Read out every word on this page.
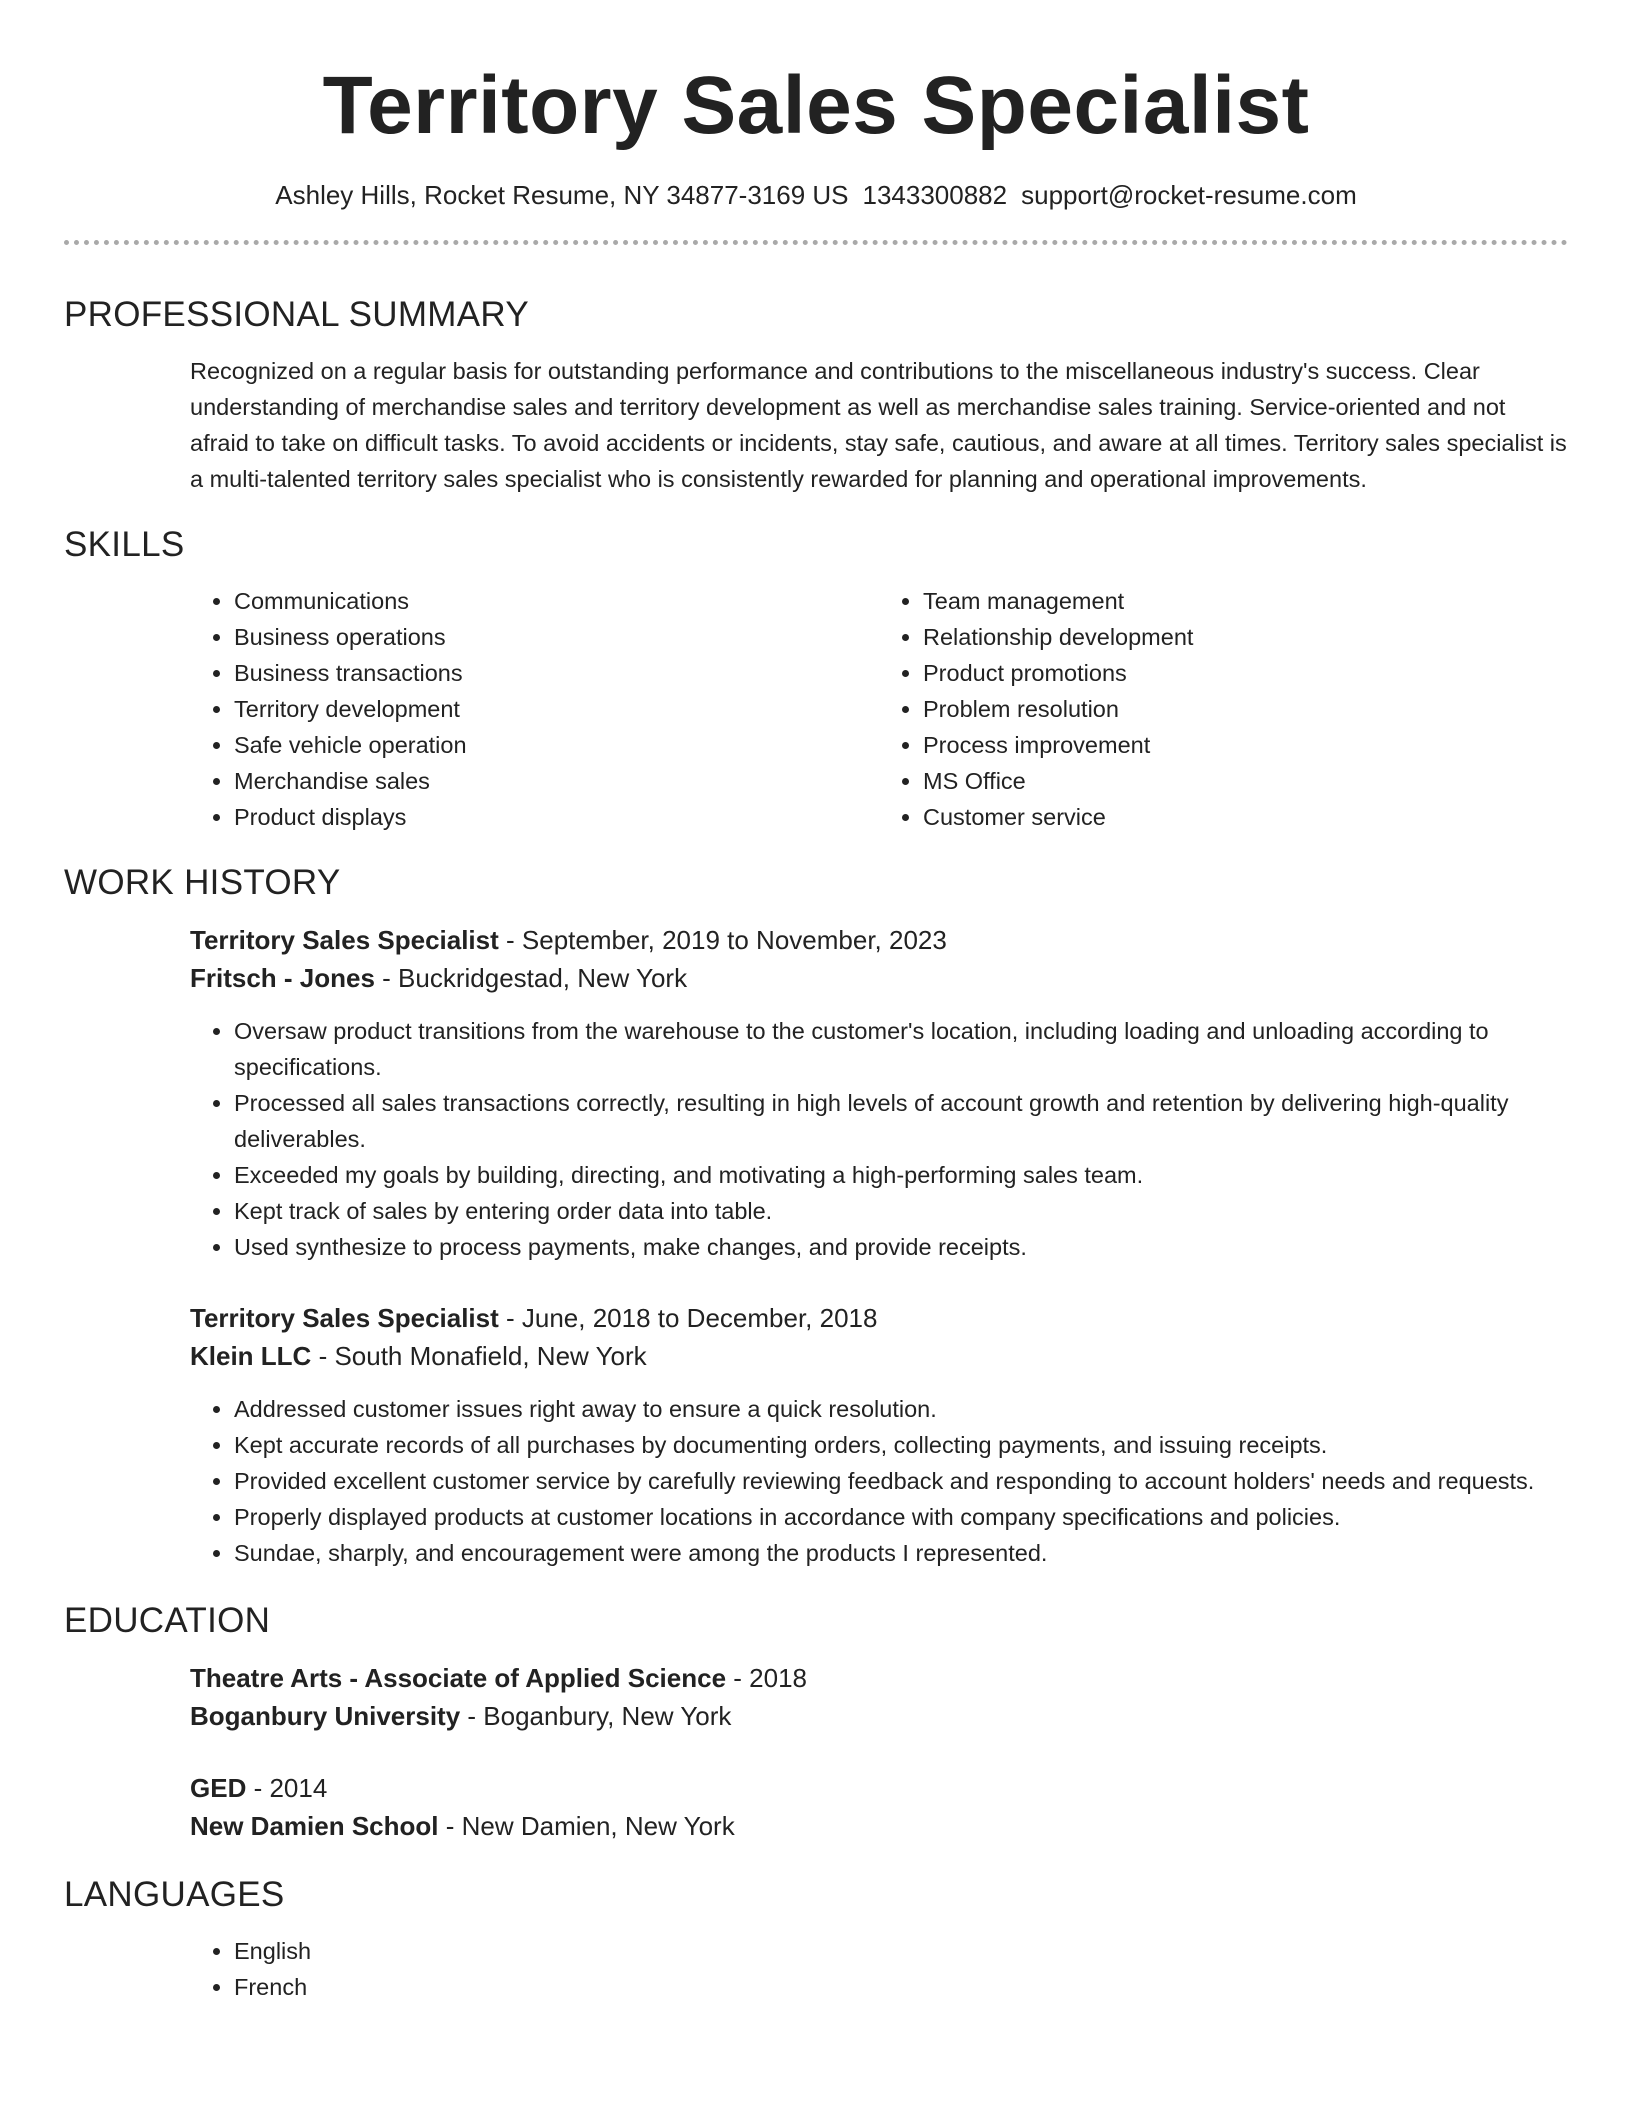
Territory Sales Specialist
Ashley Hills, Rocket Resume, NY 34877-3169 US 1343300882 support@rocket-resume.com
PROFESSIONAL SUMMARY

Recognized on a regular basis for outstanding performance and contributions to the miscellaneous industry's success. Clear understanding of merchandise sales and territory development as well as merchandise sales training. Service-oriented and not afraid to take on difficult tasks. To avoid accidents or incidents, stay safe, cautious, and aware at all times. Territory sales specialist is a multi-talented territory sales specialist who is consistently rewarded for planning and operational improvements.

SKILLS
• Communications
• Business operations
• Business transactions
• Territory development
• Safe vehicle operation
• Merchandise sales
• Product displays
• Team management
• Relationship development
• Product promotions
• Problem resolution
• Process improvement
• MS Office
• Customer service
WORK HISTORY

Territory Sales Specialist - September, 2019 to November, 2023

Fritsch - Jones - Buckridgestad, New York

• Oversaw product transitions from the warehouse to the customer's location, including loading and unloading according to specifications.
• Processed all sales transactions correctly, resulting in high levels of account growth and retention by delivering high-quality deliverables.
• Exceeded my goals by building, directing, and motivating a high-performing sales team.
• Kept track of sales by entering order data into table.
• Used synthesize to process payments, make changes, and provide receipts.

Territory Sales Specialist - June, 2018 to December, 2018

Klein LLC - South Monafield, New York

• Addressed customer issues right away to ensure a quick resolution.
• Kept accurate records of all purchases by documenting orders, collecting payments, and issuing receipts.
• Provided excellent customer service by carefully reviewing feedback and responding to account holders' needs and requests.
• Properly displayed products at customer locations in accordance with company specifications and policies.
• Sundae, sharply, and encouragement were among the products I represented.
EDUCATION

Theatre Arts - Associate of Applied Science - 2018

Boganbury University - Boganbury, New York

GED - 2014

New Damien School - New Damien, New York

LANGUAGES
• English
• French
